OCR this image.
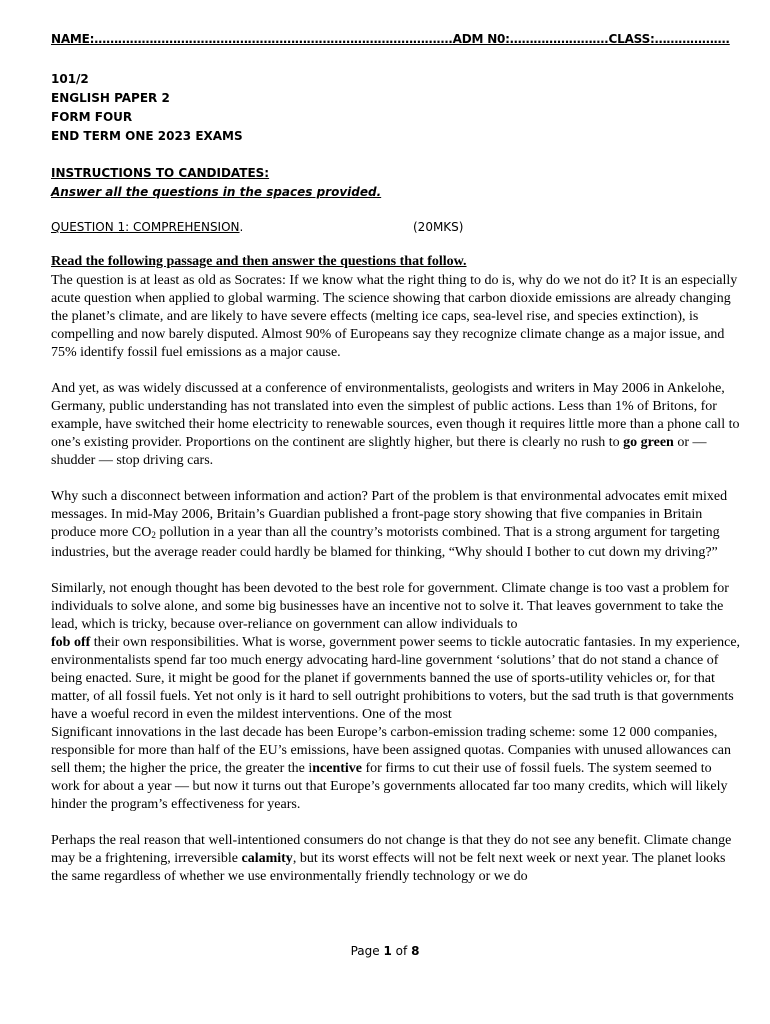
NAME:……………………………………………………………………………….ADM N0:…………………….CLASS:……………….
101/2
ENGLISH PAPER 2
FORM FOUR
END TERM ONE 2023 EXAMS
INSTRUCTIONS TO CANDIDATES:
Answer all the questions in the spaces provided.
QUESTION 1: COMPREHENSION.	(20MKS)
Read the following passage and then answer the questions that follow.

The question is at least as old as Socrates: If we know what the right thing to do is, why do we not do it? It is an especially acute question when applied to global warming. The science showing that carbon dioxide emissions are already changing the planet’s climate, and are likely to have severe effects (melting ice caps, sea-level rise, and species extinction), is compelling and now barely disputed. Almost 90% of Europeans say they recognize climate change as a major issue, and 75% identify fossil fuel emissions as a major cause.

And yet, as was widely discussed at a conference of environmentalists, geologists and writers in May 2006 in Ankelohe, Germany, public understanding has not translated into even the simplest of public actions. Less than 1% of Britons, for example, have switched their home electricity to renewable sources, even though it requires little more than a phone call to one’s existing provider. Proportions on the continent are slightly higher, but there is clearly no rush to go green or — shudder — stop driving cars.

Why such a disconnect between information and action? Part of the problem is that environmental advocates emit mixed messages. In mid-May 2006, Britain’s Guardian published a front-page story showing that five companies in Britain produce more $CO_2$ pollution in a year than all the country’s motorists combined. That is a strong argument for targeting industries, but the average reader could hardly be blamed for thinking, “Why should I bother to cut down my driving?”

Similarly, not enough thought has been devoted to the best role for government. Climate change is too vast a problem for individuals to solve alone, and some big businesses have an incentive not to solve it. That leaves government to take the lead, which is tricky, because over-reliance on government can allow individuals to
fob off their own responsibilities. What is worse, government power seems to tickle autocratic fantasies. In my experience, environmentalists spend far too much energy advocating hard-line government ‘solutions’ that do not stand a chance of being enacted. Sure, it might be good for the planet if governments banned the use of sports-utility vehicles or, for that matter, of all fossil fuels. Yet not only is it hard to sell outright prohibitions to voters, but the sad truth is that governments have a woeful record in even the mildest interventions. One of the most

Significant innovations in the last decade has been Europe’s carbon-emission trading scheme: some 12 000 companies, responsible for more than half of the EU’s emissions, have been assigned quotas. Companies with unused allowances can sell them; the higher the price, the greater the incentive for firms to cut their use of fossil fuels. The system seemed to work for about a year — but now it turns out that Europe’s governments allocated far too many credits, which will likely hinder the program’s effectiveness for years.

Perhaps the real reason that well-intentioned consumers do not change is that they do not see any benefit. Climate change may be a frightening, irreversible calamity, but its worst effects will not be felt next week or next year. The planet looks the same regardless of whether we use environmentally friendly technology or we do

Page 1 of 8
